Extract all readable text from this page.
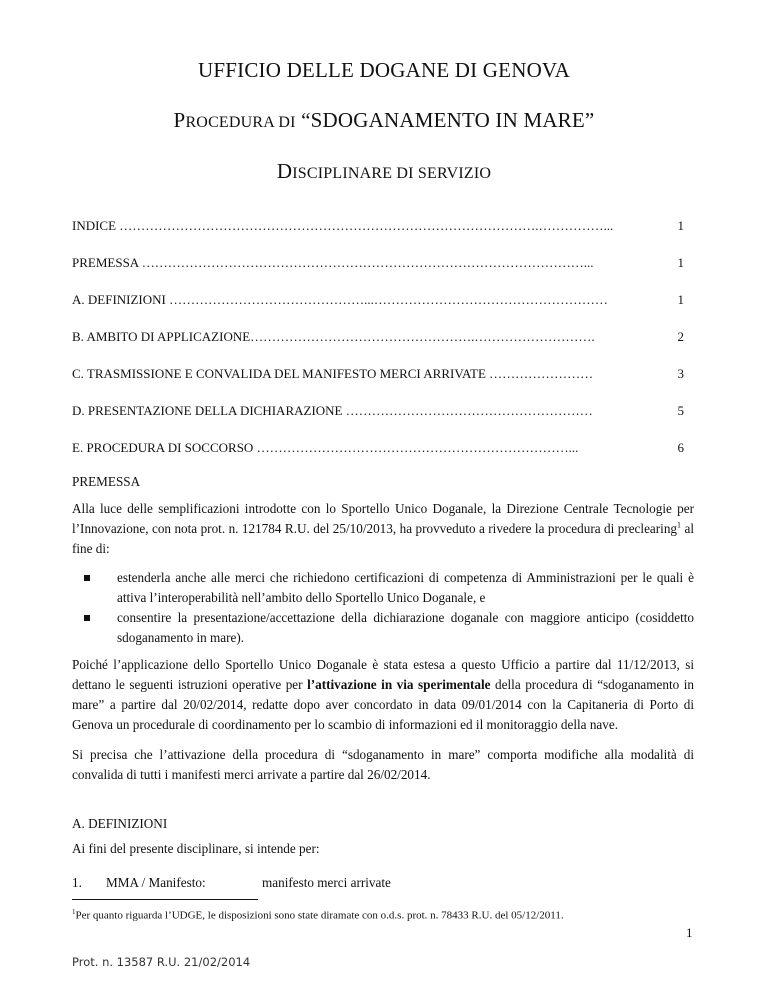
UFFICIO DELLE DOGANE DI GENOVA
PROCEDURA DI “SDOGANAMENTO IN MARE”
DISCIPLINARE DI SERVIZIO
INDICE …………………………………………………………………………………….……………...	1
PREMESSA …………………………………………………………………………………………...	1
A. DEFINIZIONI ………………………………………...………………………………………………	1
B. AMBITO DI APPLICAZIONE…………………………………………….……………………….	2
C. TRASMISSIONE E CONVALIDA DEL MANIFESTO MERCI ARRIVATE ……………………	3
D. PRESENTAZIONE DELLA DICHIARAZIONE …………………………………………………	5
E. PROCEDURA DI SOCCORSO ………………………………………………………………...	6
PREMESSA
Alla luce delle semplificazioni introdotte con lo Sportello Unico Doganale, la Direzione Centrale Tecnologie per l’Innovazione, con nota prot. n. 121784 R.U. del 25/10/2013, ha provveduto a rivedere la procedura di preclearing$^1$ al fine di:
estenderla anche alle merci che richiedono certificazioni di competenza di Amministrazioni per le quali è attiva l’interoperabilità nell’ambito dello Sportello Unico Doganale, e
consentire la presentazione/accettazione della dichiarazione doganale con maggiore anticipo (cosiddetto sdoganamento in mare).
Poiché l’applicazione dello Sportello Unico Doganale è stata estesa a questo Ufficio a partire dal 11/12/2013, si dettano le seguenti istruzioni operative per l’attivazione in via sperimentale della procedura di “sdoganamento in mare” a partire dal 20/02/2014, redatte dopo aver concordato in data 09/01/2014 con la Capitaneria di Porto di Genova un procedurale di coordinamento per lo scambio di informazioni ed il monitoraggio della nave.
Si precisa che l’attivazione della procedura di “sdoganamento in mare” comporta modifiche alla modalità di convalida di tutti i manifesti merci arrivate a partire dal 26/02/2014.
A. DEFINIZIONI
Ai fini del presente disciplinare, si intende per:
1. MMA / Manifesto:	manifesto merci arrivate
$^1$Per quanto riguarda l’UDGE, le disposizioni sono state diramate con o.d.s. prot. n. 78433 R.U. del 05/12/2011.
1
Prot. n. 13587 R.U. 21/02/2014
